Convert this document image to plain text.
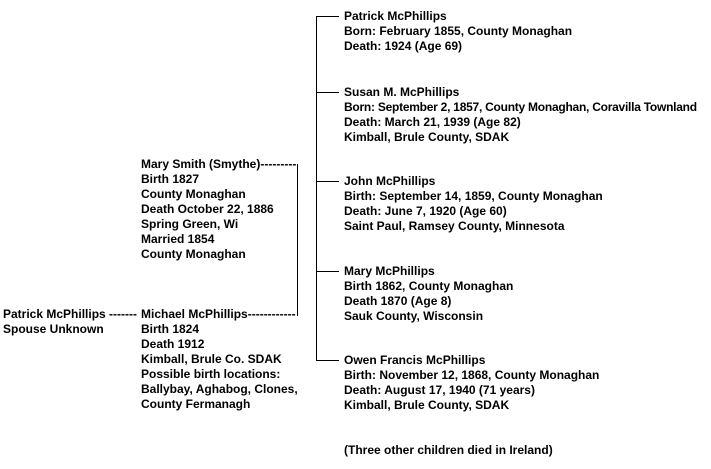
Patrick McPhillips -------
Spouse Unknown
Mary Smith (Smythe)---------
Birth 1827
County Monaghan
Death October 22, 1886
Spring Green, Wi
Married 1854
County Monaghan
Michael McPhillips------------
Birth 1824
Death 1912
Kimball, Brule Co. SDAK
Possible birth locations:
Ballybay, Aghabog, Clones,
County Fermanagh
Patrick McPhillips
Born: February 1855, County Monaghan
Death: 1924 (Age 69)
Susan M. McPhillips
Born: September 2, 1857, County Monaghan, Coravilla Townland
Death: March 21, 1939 (Age 82)
Kimball, Brule County, SDAK
John McPhillips
Birth: September 14, 1859, County Monaghan
Death: June 7, 1920 (Age 60)
Saint Paul, Ramsey County, Minnesota
Mary McPhillips
Birth 1862, County Monaghan
Death 1870 (Age 8)
Sauk County, Wisconsin
Owen Francis McPhillips
Birth: November 12, 1868, County Monaghan
Death: August 17, 1940 (71 years)
Kimball, Brule County, SDAK
(Three other children died in Ireland)
